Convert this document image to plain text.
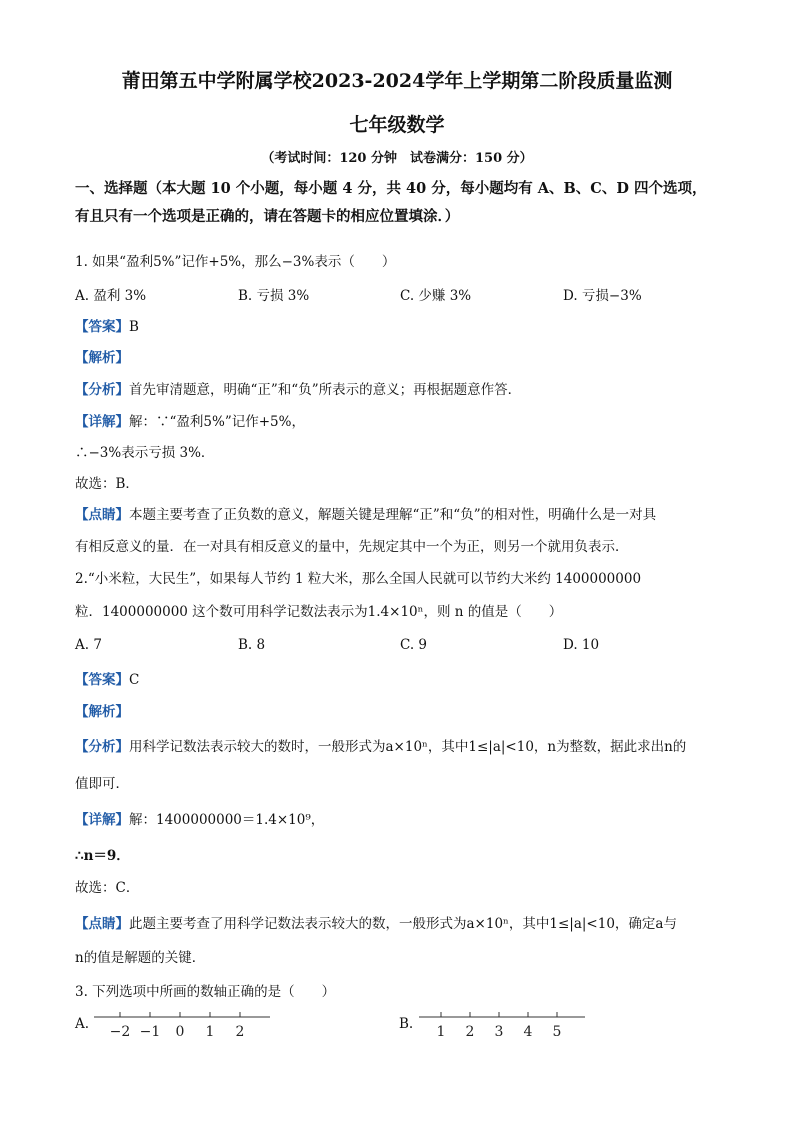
莆田第五中学附属学校2023-2024学年上学期第二阶段质量监测
七年级数学
（考试时间：120 分钟　试卷满分：150 分）
一、选择题（本大题 10 个小题，每小题 4 分，共 40 分，每小题均有 A、B、C、D 四个选项，
有且只有一个选项是正确的，请在答题卡的相应位置填涂．）
1. 如果“盈利5%”记作+5%，那么−3%表示（　　）
A. 盈利 3%	B. 亏损 3%	C. 少赚 3%	D. 亏损−3%
【答案】B
【解析】
【分析】首先审清题意，明确“正”和“负”所表示的意义；再根据题意作答．
【详解】解：∵“盈利5%”记作+5%，
∴−3%表示亏损 3%．
故选：B．
【点睛】本题主要考查了正负数的意义，解题关键是理解“正”和“负”的相对性，明确什么是一对具
有相反意义的量．在一对具有相反意义的量中，先规定其中一个为正，则另一个就用负表示．
2.“小米粒，大民生”，如果每人节约 1 粒大米，那么全国人民就可以节约大米约 1400000000
粒．1400000000 这个数可用科学记数法表示为1.4×10ⁿ，则 n 的值是（　　）
A. 7	B. 8	C. 9	D. 10
【答案】C
【解析】
【分析】用科学记数法表示较大的数时，一般形式为a×10ⁿ，其中1≤|a|<10，n为整数，据此求出n的
值即可．
【详解】解：1400000000＝1.4×10⁹，
∴n＝9．
故选：C．
【点睛】此题主要考查了用科学记数法表示较大的数，一般形式为a×10ⁿ，其中1≤|a|<10，确定a与
n的值是解题的关键．
3. 下列选项中所画的数轴正确的是（　　）
A. −2 −1 0 1 2	B. 1 2 3 4 5
